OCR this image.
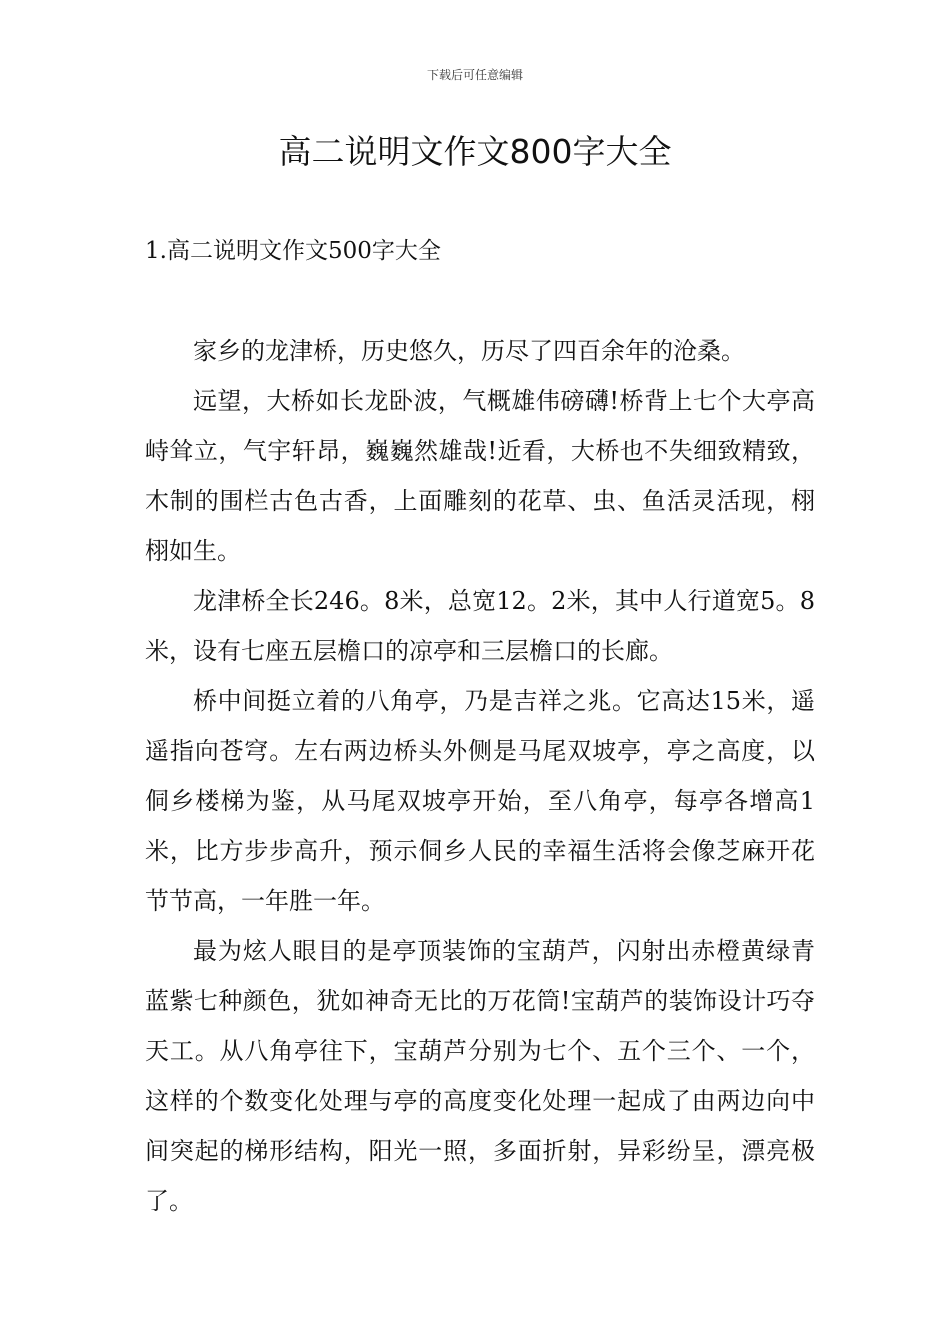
下载后可任意编辑
高二说明文作文800字大全
1.高二说明文作文500字大全

家乡的龙津桥，历史悠久，历尽了四百余年的沧桑。

远望，大桥如长龙卧波，气概雄伟磅礴!桥背上七个大亭高峙耸立，气宇轩昂，巍巍然雄哉!近看，大桥也不失细致精致，木制的围栏古色古香，上面雕刻的花草、虫、鱼活灵活现，栩栩如生。

龙津桥全长246。8米，总宽12。2米，其中人行道宽5。8米，设有七座五层檐口的凉亭和三层檐口的长廊。

桥中间挺立着的八角亭，乃是吉祥之兆。它高达15米，遥遥指向苍穹。左右两边桥头外侧是马尾双坡亭，亭之高度，以侗乡楼梯为鉴，从马尾双坡亭开始，至八角亭，每亭各增高1米，比方步步高升，预示侗乡人民的幸福生活将会像芝麻开花节节高，一年胜一年。

最为炫人眼目的是亭顶装饰的宝葫芦，闪射出赤橙黄绿青蓝紫七种颜色，犹如神奇无比的万花筒!宝葫芦的装饰设计巧夺天工。从八角亭往下，宝葫芦分别为七个、五个三个、一个，这样的个数变化处理与亭的高度变化处理一起成了由两边向中间突起的梯形结构，阳光一照，多面折射，异彩纷呈，漂亮极了。
